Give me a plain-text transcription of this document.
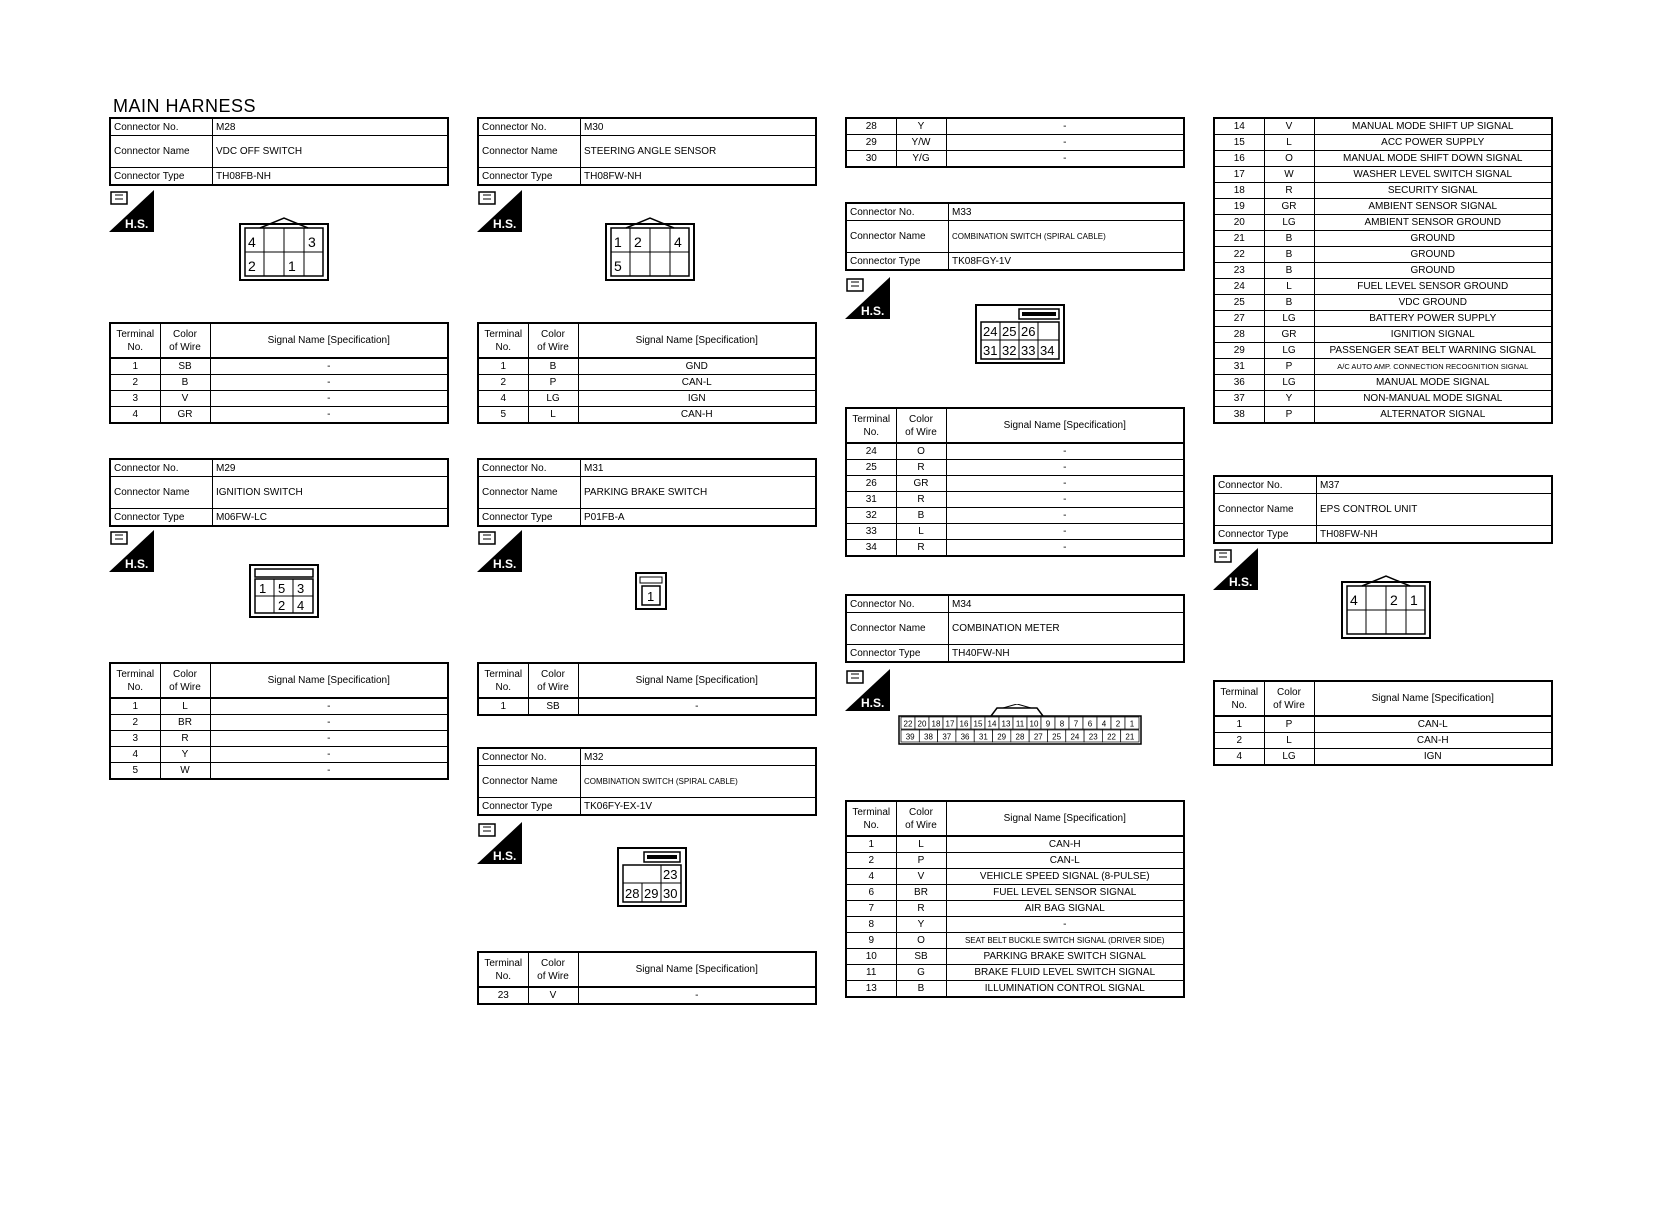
MAIN HARNESS
Connector No.	M28
Connector Name	VDC OFF SWITCH
Connector Type	TH08FB-NH
H.S.
4	3
2 1
Terminal
No.	Color
of Wire	Signal Name [Specification]
1	SB	-
2	B	-
3	V	-
4	GR	-
Connector No.	M29
Connector Name	IGNITION SWITCH
Connector Type	M06FW-LC
H.S.
1 5 3
2 4
Terminal
No.	Color
of Wire	Signal Name [Specification]
1	L	-
2	BR	-
3	R	-
4	Y	-
5	W	-
Connector No.	M30
Connector Name	STEERING ANGLE SENSOR
Connector Type	TH08FW-NH
H.S.
1 2 4
5
Terminal
No.	Color
of Wire	Signal Name [Specification]
1	B	GND
2	P	CAN-L
4	LG	IGN
5	L	CAN-H
Connector No.	M31
Connector Name	PARKING BRAKE SWITCH
Connector Type	P01FB-A
H.S.
1
Terminal
No.	Color
of Wire	Signal Name [Specification]
1	SB	-
Connector No.	M32
Connector Name	COMBINATION SWITCH (SPIRAL CABLE)
Connector Type	TK06FY-EX-1V
H.S.
23
28 29 30
Terminal
No.	Color
of Wire	Signal Name [Specification]
23	V	-
28	Y	-
29	Y/W	-
30	Y/G	-
Connector No.	M33
Connector Name	COMBINATION SWITCH (SPIRAL CABLE)
Connector Type	TK08FGY-1V
H.S.
24 25 26
31 32 33 34
Terminal
No.	Color
of Wire	Signal Name [Specification]
24	O	-
25	R	-
26	GR	-
31	R	-
32	B	-
33	L	-
34	R	-
Connector No.	M34
Connector Name	COMBINATION METER
Connector Type	TH40FW-NH
H.S.
22 20 18 17 16 15 14 13 11 10 9 8 7 6 4 2 1
39 38 37 36 31 29 28 27 25 24 23 22 21
Terminal
No.	Color
of Wire	Signal Name [Specification]
1	L	CAN-H
2	P	CAN-L
4	V	VEHICLE SPEED SIGNAL (8-PULSE)
6	BR	FUEL LEVEL SENSOR SIGNAL
7	R	AIR BAG SIGNAL
8	Y	-
9	O	SEAT BELT BUCKLE SWITCH SIGNAL (DRIVER SIDE)
10	SB	PARKING BRAKE SWITCH SIGNAL
11	G	BRAKE FLUID LEVEL SWITCH SIGNAL
13	B	ILLUMINATION CONTROL SIGNAL
14	V	MANUAL MODE SHIFT UP SIGNAL
15	L	ACC POWER SUPPLY
16	O	MANUAL MODE SHIFT DOWN SIGNAL
17	W	WASHER LEVEL SWITCH SIGNAL
18	R	SECURITY SIGNAL
19	GR	AMBIENT SENSOR SIGNAL
20	LG	AMBIENT SENSOR GROUND
21	B	GROUND
22	B	GROUND
23	B	GROUND
24	L	FUEL LEVEL SENSOR GROUND
25	B	VDC GROUND
27	LG	BATTERY POWER SUPPLY
28	GR	IGNITION SIGNAL
29	LG	PASSENGER SEAT BELT WARNING SIGNAL
31	P	A/C AUTO AMP. CONNECTION RECOGNITION SIGNAL
36	LG	MANUAL MODE SIGNAL
37	Y	NON-MANUAL MODE SIGNAL
38	P	ALTERNATOR SIGNAL
Connector No.	M37
Connector Name	EPS CONTROL UNIT
Connector Type	TH08FW-NH
H.S.
4 2 1
Terminal
No.	Color
of Wire	Signal Name [Specification]
1	P	CAN-L
2	L	CAN-H
4	LG	IGN
